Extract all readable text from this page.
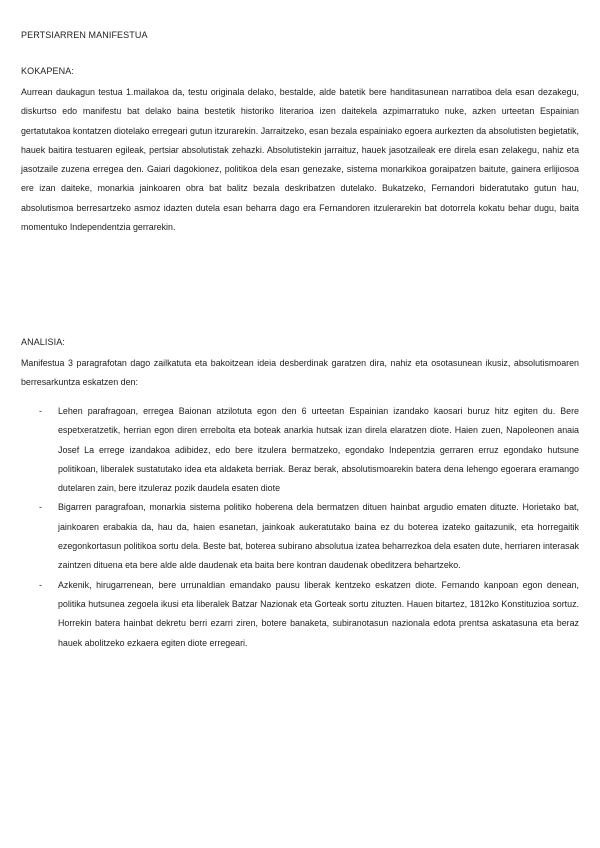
PERTSIARREN MANIFESTUA
KOKAPENA:

Aurrean daukagun testua 1.mailakoa da, testu originala delako, bestalde, alde batetik bere handitasunean narratiboa dela esan dezakegu, diskurtso edo manifestu bat delako baina bestetik historiko literarioa izen daitekela azpimarratuko nuke, azken urteetan Espainian gertatutakoa kontatzen diotelako erregeari gutun itzurarekin. Jarraitzeko, esan bezala espainiako egoera aurkezten da absolutisten begietatik, hauek baitira testuaren egileak, pertsiar absolutistak zehazki. Absolutistekin jarraituz, hauek jasotzaileak ere direla esan zelakegu, nahiz eta jasotzaile zuzena erregea den. Gaiari dagokionez, politikoa dela esan genezake, sistema monarkikoa goraipatzen baitute, gainera erlijiosoa ere izan daiteke, monarkia jainkoaren obra bat balitz bezala deskribatzen dutelako. Bukatzeko, Fernandori bideratutako gutun hau, absolutismoa berresartzeko asmoz idazten dutela esan beharra dago era Fernandoren itzulerarekin bat dotorrela kokatu behar dugu, baita momentuko Independentzia gerrarekin.

ANALISIA:

Manifestua 3 paragrafotan dago zailkatuta eta bakoitzean ideia desberdinak garatzen dira, nahiz eta osotasunean ikusiz, absolutismoaren berresarkuntza eskatzen den:

- Lehen parafragoan, erregea Baionan atzilotuta egon den 6 urteetan Espainian izandako kaosari buruz hitz egiten du. Bere espetxeratzetik, herrian egon diren errebolta eta boteak anarkia hutsak izan direla elaratzen diote. Haien zuen, Napoleonen anaia Josef La errege izandakoa adibidez, edo bere itzulera bermatzeko, egondako Indepentzia gerraren erruz egondako hutsune politikoan, liberalek sustatutako idea eta aldaketa berriak. Beraz berak, absolutismoarekin batera dena lehengo egoerara eramango dutelaren zain, bere itzuleraz pozik daudela esaten diote
- Bigarren paragrafoan, monarkia sistema politiko hoberena dela bermatzen dituen hainbat argudio ematen dituzte. Horietako bat, jainkoaren erabakia da, hau da, haien esanetan, jainkoak aukeratutako baina ez du boterea izateko gaitazunik, eta horregaitik ezegonkortasun politikoa sortu dela. Beste bat, boterea subirano absolutua izatea beharrezkoa dela esaten dute, herriaren interasak zaintzen dituena eta bere alde alde daudenak eta baita bere kontran daudenak obeditzera behartzeko.
- Azkenik, hirugarrenean, bere urrunaldian emandako pausu liberak kentzeko eskatzen diote. Fernando kanpoan egon denean, politika hutsunea zegoela ikusi eta liberalek Batzar Nazionak eta Gorteak sortu zituzten. Hauen bitartez, 1812ko Konstituzioa sortuz. Horrekin batera hainbat dekretu berri ezarri ziren, botere banaketa, subiranotasun nazionala edota prentsa askatasuna eta beraz hauek abolitzeko ezkaera egiten diote erregeari.
